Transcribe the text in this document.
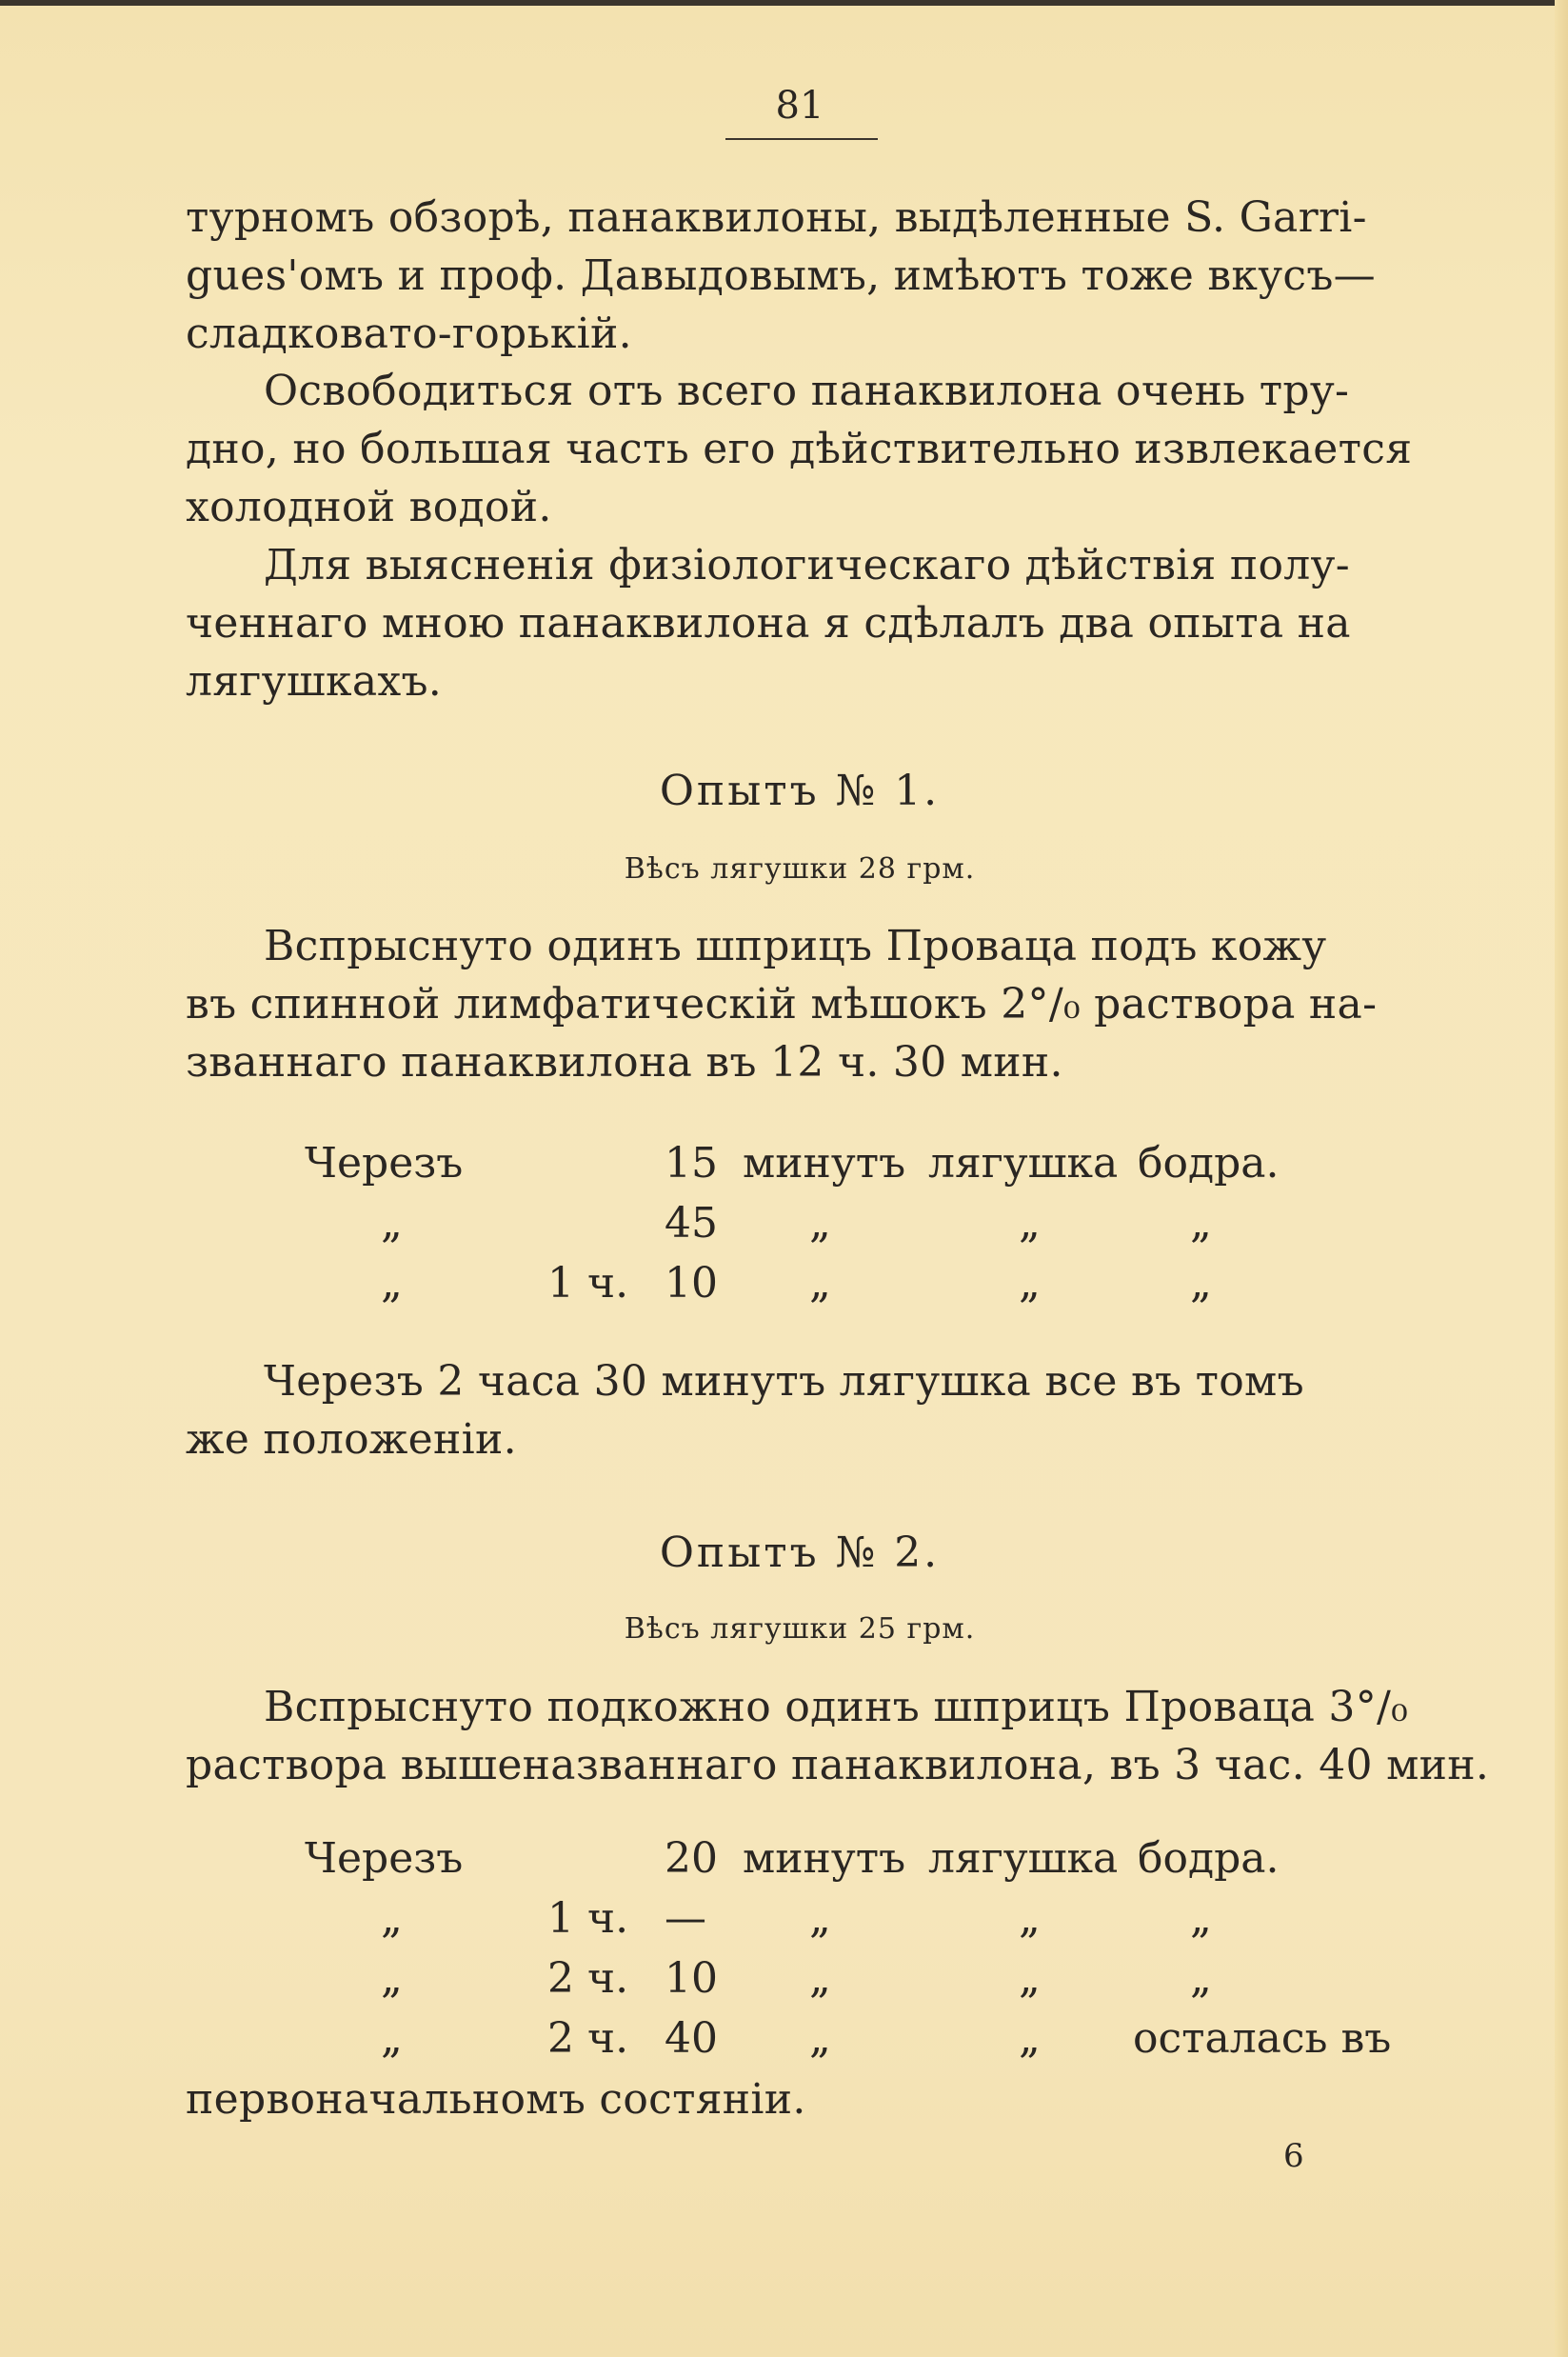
81
турномъ обзорѣ, панаквилоны, выдѣленные S. Garri-
gues'омъ и проф. Давыдовымъ, имѣютъ тоже вкусъ—
сладковато-горькій.
Освободиться отъ всего панаквилона очень тру-
дно, но большая часть его дѣйствительно извлекается
холодной водой.
Для выясненія физіологическаго дѣйствія полу-
ченнаго мною панаквилона я сдѣлалъ два опыта на
лягушкахъ.
Опытъ № 1.
Вѣсъ лягушки 28 грм.
Вспрыснуто одинъ шприцъ Провацa подъ кожу
въ спинной лимфатическій мѣшокъ 2°/₀ раствора на-
званнаго панаквилона въ 12 ч. 30 мин.
Черезъ	15 минутъ лягушка бодра.
„	45 „	„	„
„	1 ч. 10 „	„	„
Черезъ 2 часа 30 минутъ лягушка все въ томъ
же положеніи.
Опытъ № 2.
Вѣсъ лягушки 25 грм.
Вспрыснуто подкожно одинъ шприцъ Провацa 3°/₀
раствора вышеназваннаго панаквилона, въ 3 час. 40 мин.
Черезъ	20 минутъ лягушка бодра.
„	1 ч. — „	„	„
„	2 ч. 10 „	„	„
„	2 ч. 40 „	„ осталась въ
первоначальномъ состяніи.
6
